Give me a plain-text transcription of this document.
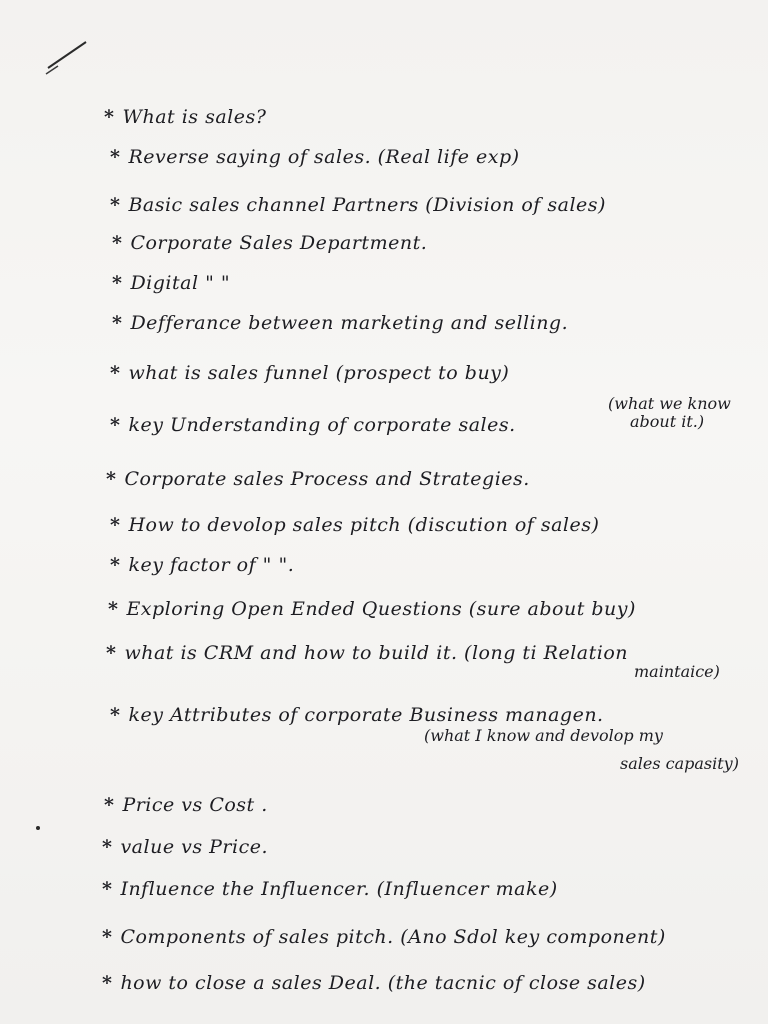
* What is sales?
* Reverse saying of sales. (Real life exp)
* Basic sales channel Partners (Division of sales)
* Corporate Sales Department.
* Digital " "
* Defferance between marketing and selling.
* what is sales funnel (prospect to buy)
* key Understanding of corporate sales.
(what we know
about it.)
* Corporate sales Process and Strategies.
* How to devolop sales pitch (discution of sales)
* key factor of " ".
* Exploring Open Ended Questions (sure about buy)
* what is CRM and how to build it. (long ti Relation
maintaice)
* key Attributes of corporate Business managen.
(what I know and devolop my
sales capasity)
* Price vs Cost .
* value vs Price.
* Influence the Influencer. (Influencer make)
* Components of sales pitch. (Ano Sdol key component)
* how to close a sales Deal. (the tacnic of close sales)
